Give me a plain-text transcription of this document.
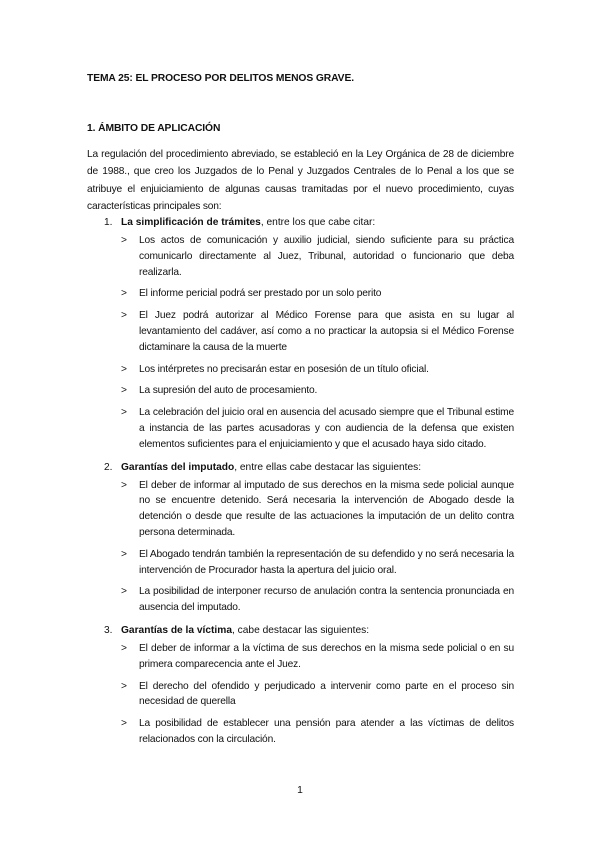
TEMA 25: EL PROCESO POR DELITOS MENOS GRAVE.
1. ÁMBITO DE APLICACIÓN
La regulación del procedimiento abreviado, se estableció en la Ley Orgánica de 28 de diciembre de 1988., que creo los Juzgados de lo Penal y Juzgados Centrales de lo Penal a los que se atribuye el enjuiciamiento de algunas causas tramitadas por el nuevo procedimiento, cuyas características principales son:
1. La simplificación de trámites, entre los que cabe citar:
> Los actos de comunicación y auxilio judicial, siendo suficiente para su práctica comunicarlo directamente al Juez, Tribunal, autoridad o funcionario que deba realizarla.
> El informe pericial podrá ser prestado por un solo perito
> El Juez podrá autorizar al Médico Forense para que asista en su lugar al levantamiento del cadáver, así como a no practicar la autopsia si el Médico Forense dictaminare la causa de la muerte
> Los intérpretes no precisarán estar en posesión de un título oficial.
> La supresión del auto de procesamiento.
> La celebración del juicio oral en ausencia del acusado siempre que el Tribunal estime a instancia de las partes acusadoras y con audiencia de la defensa que existen elementos suficientes para el enjuiciamiento y que el acusado haya sido citado.
2. Garantías del imputado, entre ellas cabe destacar las siguientes:
> El deber de informar al imputado de sus derechos en la misma sede policial aunque no se encuentre detenido. Será necesaria la intervención de Abogado desde la detención o desde que resulte de las actuaciones la imputación de un delito contra persona determinada.
> El Abogado tendrán también la representación de su defendido y no será necesaria la intervención de Procurador hasta la apertura del juicio oral.
> La posibilidad de interponer recurso de anulación contra la sentencia pronunciada en ausencia del imputado.
3. Garantías de la víctima, cabe destacar las siguientes:
> El deber de informar a la víctima de sus derechos en la misma sede policial o en su primera comparecencia ante el Juez.
> El derecho del ofendido y perjudicado a intervenir como parte en el proceso sin necesidad de querella
> La posibilidad de establecer una pensión para atender a las víctimas de delitos relacionados con la circulación.
1
